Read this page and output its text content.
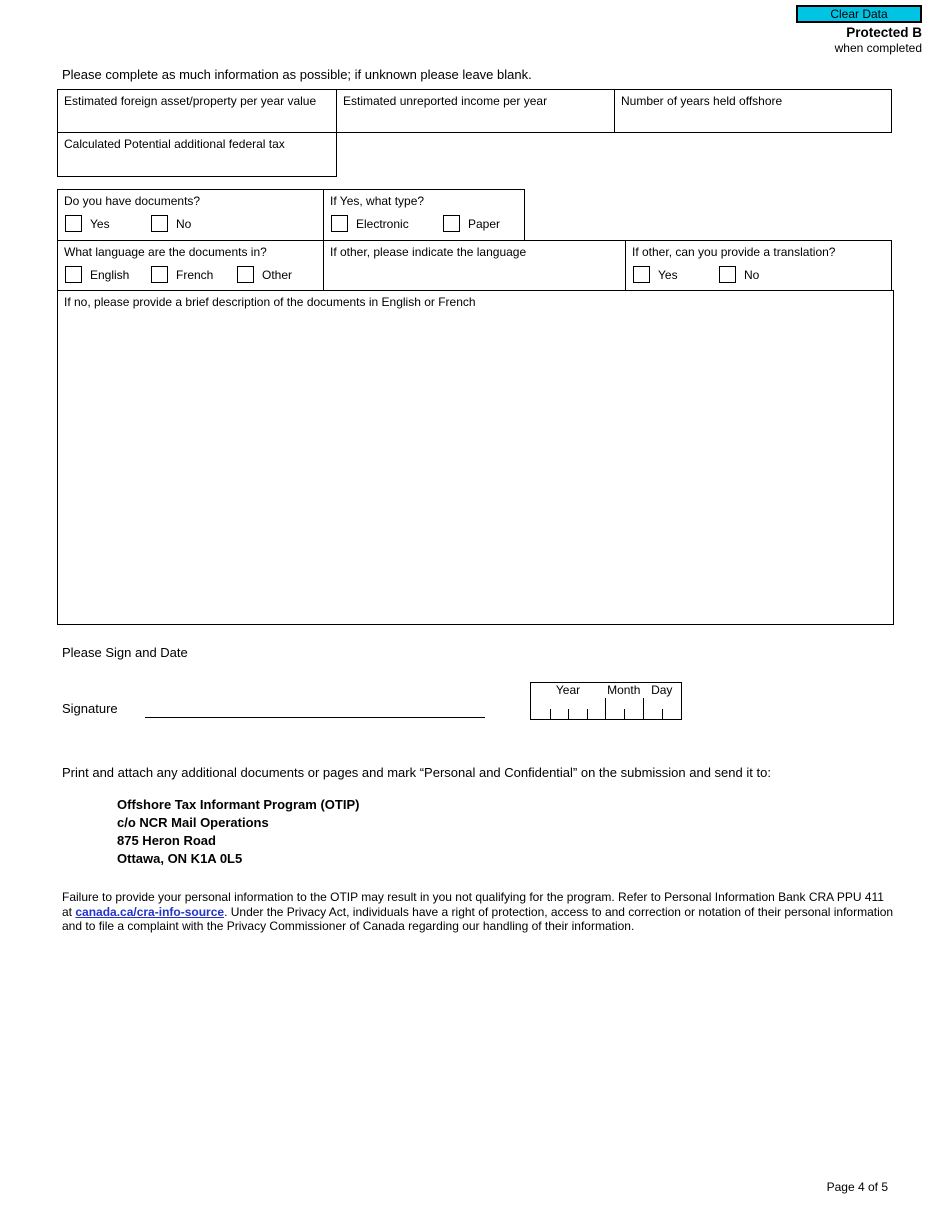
Clear Data
Protected B
when completed
Please complete as much information as possible; if unknown please leave blank.
Estimated foreign asset/property per year value	Estimated unreported income per year	Number of years held offshore
Calculated Potential additional federal tax
Do you have documents?
Yes	No
If Yes, what type?
Electronic	Paper
What language are the documents in?
English	French	Other
If other, please indicate the language	If other, can you provide a translation?
Yes	No
If no, please provide a brief description of the documents in English or French
Please Sign and Date
Signature
Year	Month Day
Print and attach any additional documents or pages and mark “Personal and Confidential” on the submission and send it to:
Offshore Tax Informant Program (OTIP)
c/o NCR Mail Operations
875 Heron Road
Ottawa, ON K1A 0L5

Failure to provide your personal information to the OTIP may result in you not qualifying for the program. Refer to Personal Information Bank CRA PPU 411 at canada.ca/cra-info-source. Under the Privacy Act, individuals have a right of protection, access to and correction or notation of their personal information and to file a complaint with the Privacy Commissioner of Canada regarding our handling of their information.

Page 4 of 5
